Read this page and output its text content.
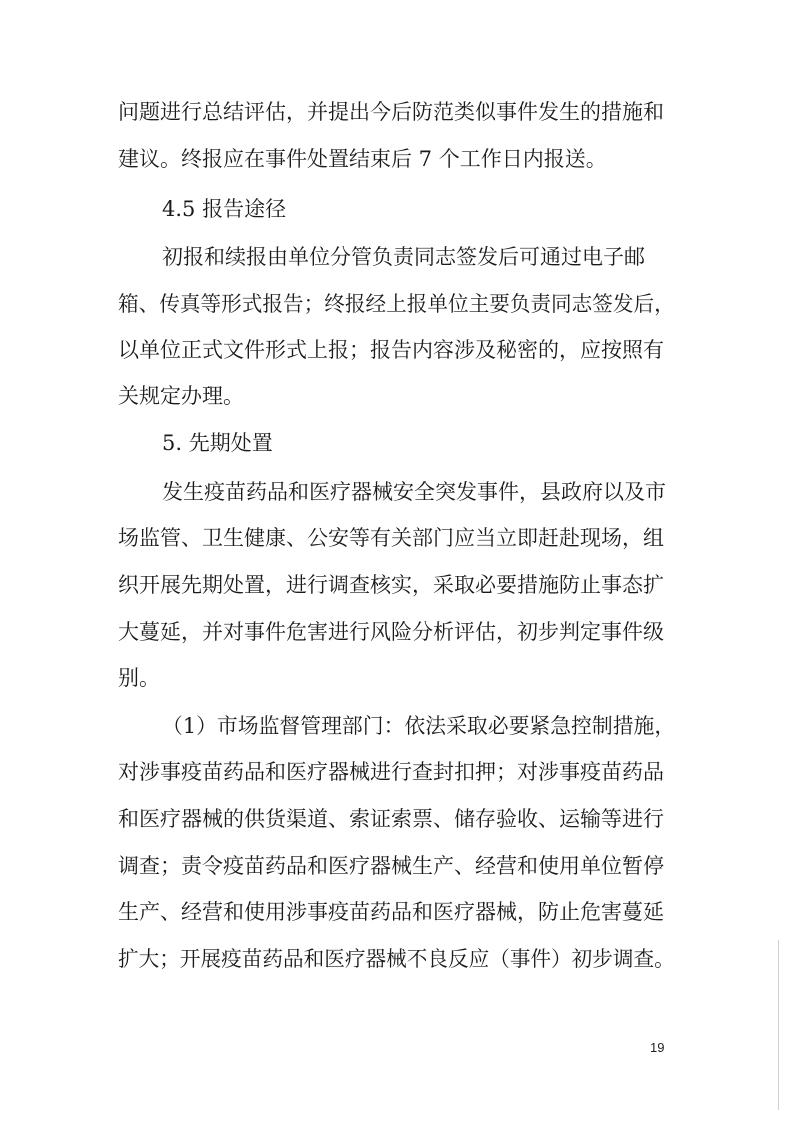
问题进行总结评估，并提出今后防范类似事件发生的措施和
建议。终报应在事件处置结束后 7 个工作日内报送。
4.5 报告途径
初报和续报由单位分管负责同志签发后可通过电子邮
箱、传真等形式报告；终报经上报单位主要负责同志签发后，
以单位正式文件形式上报；报告内容涉及秘密的，应按照有
关规定办理。
5. 先期处置
发生疫苗药品和医疗器械安全突发事件，县政府以及市
场监管、卫生健康、公安等有关部门应当立即赶赴现场，组
织开展先期处置，进行调查核实，采取必要措施防止事态扩
大蔓延，并对事件危害进行风险分析评估，初步判定事件级
别。
（1）市场监督管理部门：依法采取必要紧急控制措施，
对涉事疫苗药品和医疗器械进行查封扣押；对涉事疫苗药品
和医疗器械的供货渠道、索证索票、储存验收、运输等进行
调查；责令疫苗药品和医疗器械生产、经营和使用单位暂停
生产、经营和使用涉事疫苗药品和医疗器械，防止危害蔓延
扩大；开展疫苗药品和医疗器械不良反应（事件）初步调查。
19
